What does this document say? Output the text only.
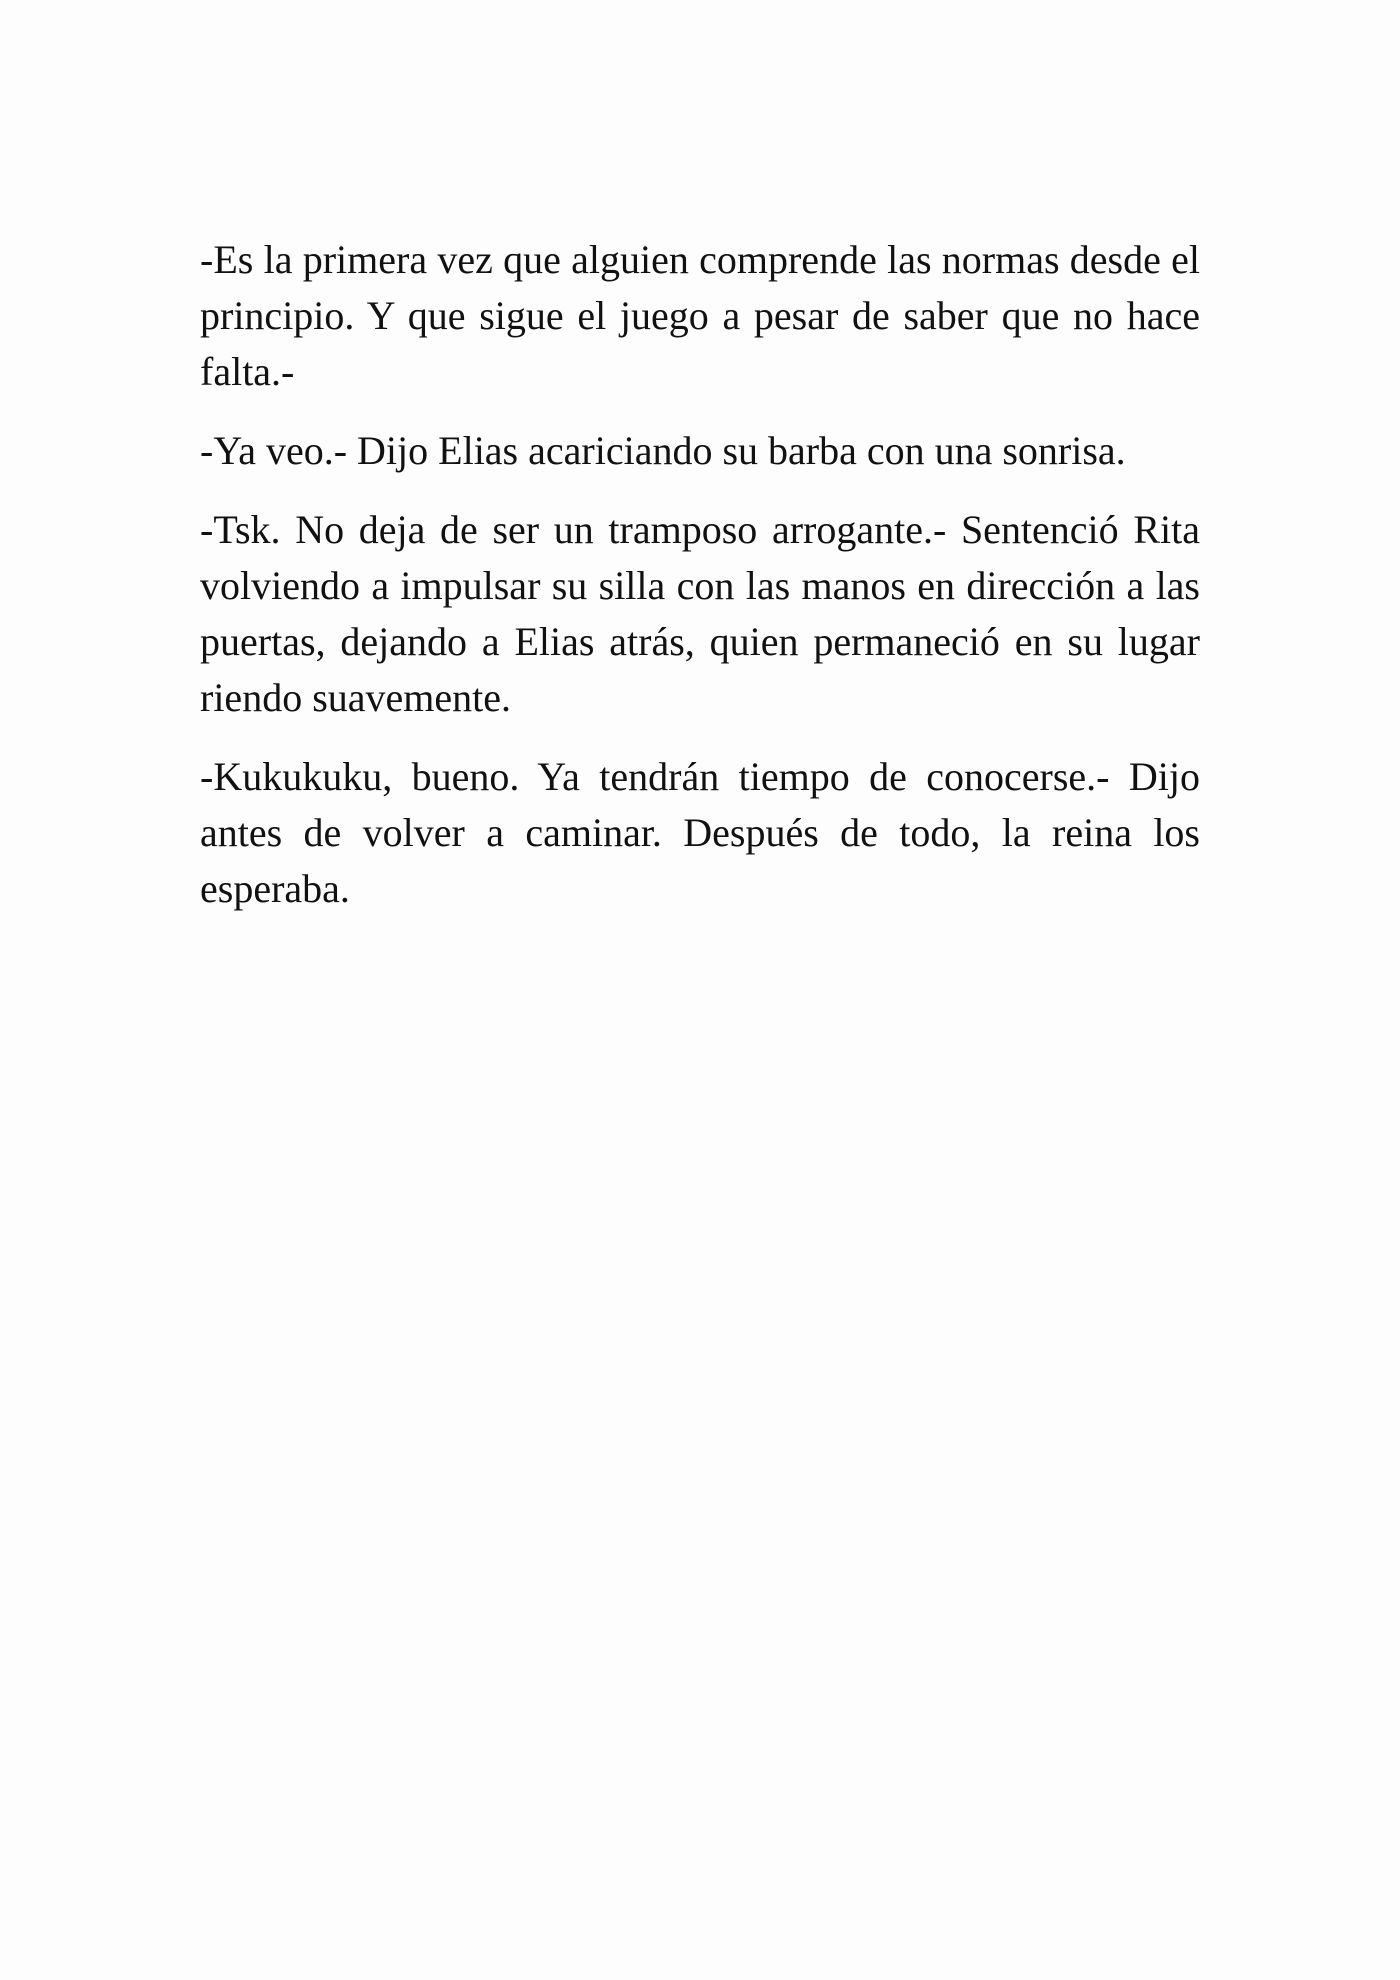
-Es la primera vez que alguien comprende las normas desde el principio. Y que sigue el juego a pesar de saber que no hace falta.-

-Ya veo.- Dijo Elias acariciando su barba con una sonrisa.

-Tsk. No deja de ser un tramposo arrogante.- Sentenció Rita volviendo a impulsar su silla con las manos en dirección a las puertas, dejando a Elias atrás, quien permaneció en su lugar riendo suavemente.

-Kukukuku, bueno. Ya tendrán tiempo de conocerse.- Dijo antes de volver a caminar. Después de todo, la reina los esperaba.
